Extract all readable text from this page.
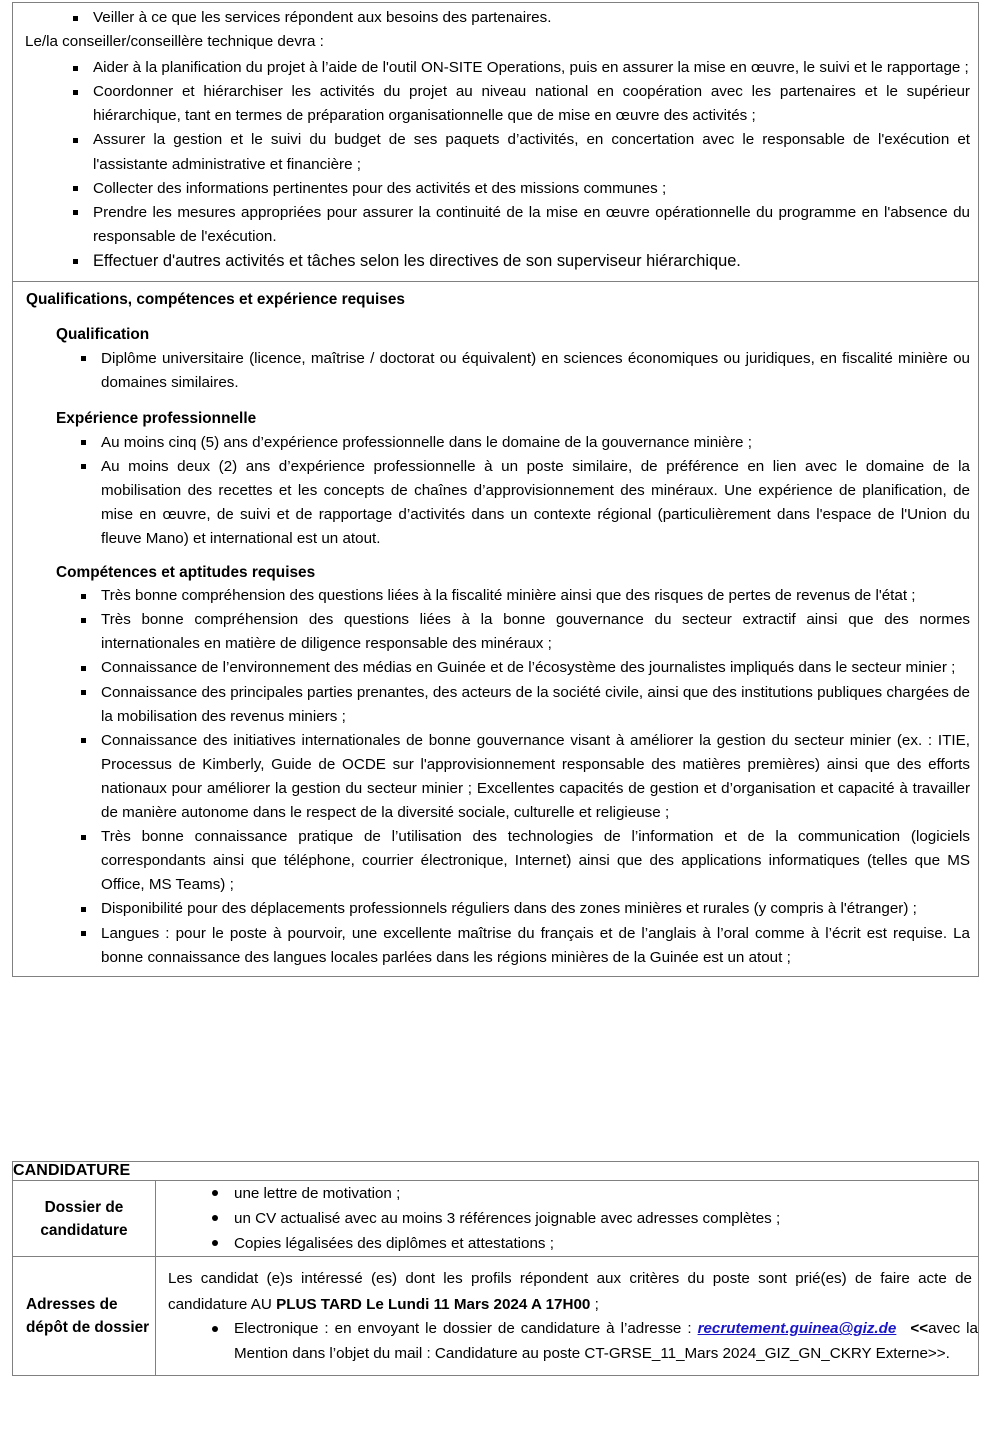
Veiller à ce que les services répondent aux besoins des partenaires.

Le/la conseiller/conseillère technique devra :

Aider à la planification du projet à l’aide de l'outil ON-SITE Operations, puis en assurer la mise en œuvre, le suivi et le rapportage ;
Coordonner et hiérarchiser les activités du projet au niveau national en coopération avec les partenaires et le supérieur hiérarchique, tant en termes de préparation organisationnelle que de mise en œuvre des activités ;
Assurer la gestion et le suivi du budget de ses paquets d’activités, en concertation avec le responsable de l'exécution et l'assistante administrative et financière ;
Collecter des informations pertinentes pour des activités et des missions communes ;
Prendre les mesures appropriées pour assurer la continuité de la mise en œuvre opérationnelle du programme en l'absence du responsable de l'exécution.
Effectuer d'autres activités et tâches selon les directives de son superviseur hiérarchique.

Qualifications, compétences et expérience requises

Qualification

Diplôme universitaire (licence, maîtrise / doctorat ou équivalent) en sciences économiques ou juridiques, en fiscalité minière ou domaines similaires.

Expérience professionnelle

Au moins cinq (5) ans d’expérience professionnelle dans le domaine de la gouvernance minière ;
Au moins deux (2) ans d’expérience professionnelle à un poste similaire, de préférence en lien avec le domaine de la mobilisation des recettes et les concepts de chaînes d’approvisionnement des minéraux. Une expérience de planification, de mise en œuvre, de suivi et de rapportage d’activités dans un contexte régional (particulièrement dans l'espace de l'Union du fleuve Mano) et international est un atout.

Compétences et aptitudes requises

Très bonne compréhension des questions liées à la fiscalité minière ainsi que des risques de pertes de revenus de l'état ;
Très bonne compréhension des questions liées à la bonne gouvernance du secteur extractif ainsi que des normes internationales en matière de diligence responsable des minéraux ;
Connaissance de l’environnement des médias en Guinée et de l’écosystème des journalistes impliqués dans le secteur minier ;
Connaissance des principales parties prenantes, des acteurs de la société civile, ainsi que des institutions publiques chargées de la mobilisation des revenus miniers ;
Connaissance des initiatives internationales de bonne gouvernance visant à améliorer la gestion du secteur minier (ex. : ITIE, Processus de Kimberly, Guide de OCDE sur l'approvisionnement responsable des matières premières) ainsi que des efforts nationaux pour améliorer la gestion du secteur minier ; Excellentes capacités de gestion et d’organisation et capacité à travailler de manière autonome dans le respect de la diversité sociale, culturelle et religieuse ;
Très bonne connaissance pratique de l’utilisation des technologies de l’information et de la communication (logiciels correspondants ainsi que téléphone, courrier électronique, Internet) ainsi que des applications informatiques (telles que MS Office, MS Teams) ;
Disponibilité pour des déplacements professionnels réguliers dans des zones minières et rurales (y compris à l'étranger) ;
Langues : pour le poste à pourvoir, une excellente maîtrise du français et de l’anglais à l’oral comme à l’écrit est requise. La bonne connaissance des langues locales parlées dans les régions minières de la Guinée est un atout ;
CANDIDATURE	
Dossier de candidature	
une lettre de motivation ;
un CV actualisé avec au moins 3 références joignable avec adresses complètes ;
Copies légalisées des diplômes et attestations ;

Adresses de dépôt de dossier	

Les candidat (e)s intéressé (es) dont les profils répondent aux critères du poste sont prié(es) de faire acte de candidature AU PLUS TARD Le Lundi 11 Mars 2024 A 17H00 ;

Electronique : en envoyant le dossier de candidature à l’adresse : recrutement.guinea@giz.de <<avec la Mention dans l’objet du mail : Candidature au poste CT-GRSE_11_Mars 2024_GIZ_GN_CKRY Externe>>.
